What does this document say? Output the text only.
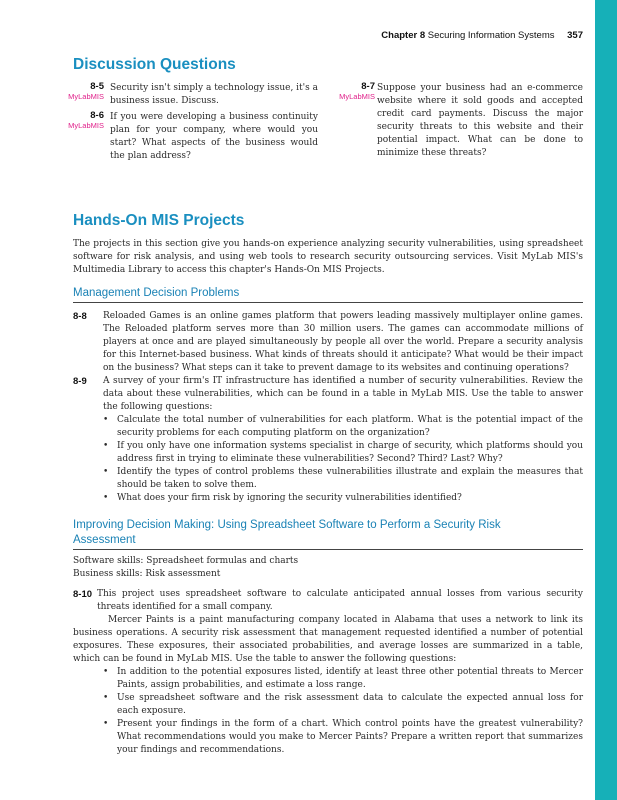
Chapter 8 Securing Information Systems 357
Discussion Questions
8-5
MyLabMIS
Security isn't simply a technology issue, it's a business issue. Discuss.
8-6
MyLabMIS
If you were developing a business continuity plan for your company, where would you start? What aspects of the business would the plan address?
8-7
MyLabMIS
Suppose your business had an e-commerce website where it sold goods and accepted credit card payments. Discuss the major security threats to this website and their potential impact. What can be done to minimize these threats?
Hands-On MIS Projects
The projects in this section give you hands-on experience analyzing security vulnerabilities, using spreadsheet software for risk analysis, and using web tools to research security outsourcing services. Visit MyLab MIS's Multimedia Library to access this chapter's Hands-On MIS Projects.
Management Decision Problems
8-8 Reloaded Games is an online games platform that powers leading massively multiplayer online games. The Reloaded platform serves more than 30 million users. The games can accommodate millions of players at once and are played simultaneously by people all over the world. Prepare a security analysis for this Internet-based business. What kinds of threats should it anticipate? What would be their impact on the business? What steps can it take to prevent damage to its websites and continuing operations?
8-9 A survey of your firm's IT infrastructure has identified a number of security vulnerabilities. Review the data about these vulnerabilities, which can be found in a table in MyLab MIS. Use the table to answer the following questions:
• Calculate the total number of vulnerabilities for each platform. What is the potential impact of the security problems for each computing platform on the organization?
• If you only have one information systems specialist in charge of security, which platforms should you address first in trying to eliminate these vulnerabilities? Second? Third? Last? Why?
• Identify the types of control problems these vulnerabilities illustrate and explain the measures that should be taken to solve them.
• What does your firm risk by ignoring the security vulnerabilities identified?
Improving Decision Making: Using Spreadsheet Software to Perform a Security Risk
Assessment
Software skills: Spreadsheet formulas and charts
Business skills: Risk assessment
8-10 This project uses spreadsheet software to calculate anticipated annual losses from various security threats identified for a small company.
Mercer Paints is a paint manufacturing company located in Alabama that uses a network to link its business operations. A security risk assessment that management requested identified a number of potential exposures. These exposures, their associated probabilities, and average losses are summarized in a table, which can be found in MyLab MIS. Use the table to answer the following questions:
• In addition to the potential exposures listed, identify at least three other potential threats to Mercer Paints, assign probabilities, and estimate a loss range.
• Use spreadsheet software and the risk assessment data to calculate the expected annual loss for each exposure.
• Present your findings in the form of a chart. Which control points have the greatest vulnerability? What recommendations would you make to Mercer Paints? Prepare a written report that summarizes your findings and recommendations.
